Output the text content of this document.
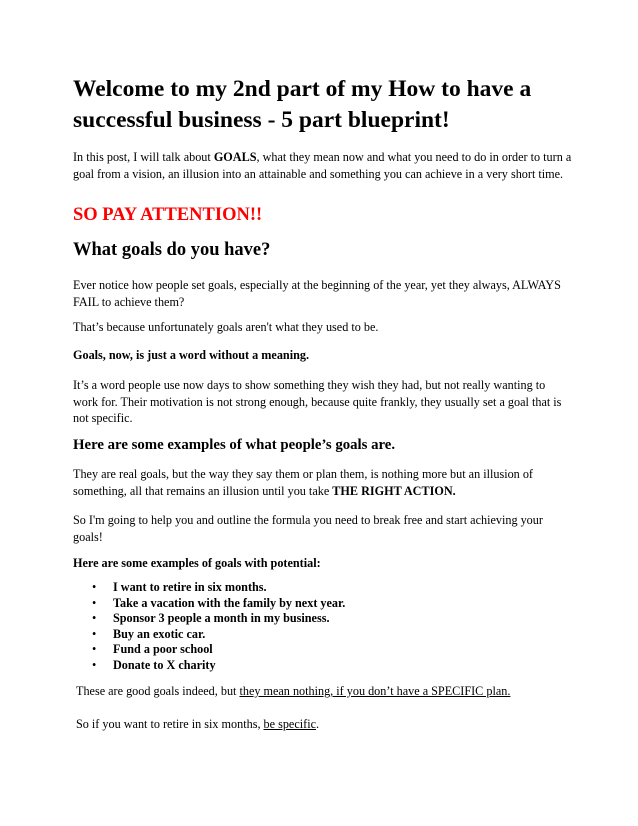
Welcome to my 2nd part of my How to have a successful business - 5 part blueprint!

In this post, I will talk about GOALS, what they mean now and what you need to do in order to turn a goal from a vision, an illusion into an attainable and something you can achieve in a very short time.

SO PAY ATTENTION!!
What goals do you have?

Ever notice how people set goals, especially at the beginning of the year, yet they always, ALWAYS FAIL to achieve them?

That’s because unfortunately goals aren't what they used to be.

Goals, now, is just a word without a meaning.

It’s a word people use now days to show something they wish they had, but not really wanting to work for. Their motivation is not strong enough, because quite frankly, they usually set a goal that is not specific.

Here are some examples of what people’s goals are.

They are real goals, but the way they say them or plan them, is nothing more but an illusion of something, all that remains an illusion until you take THE RIGHT ACTION.

So I'm going to help you and outline the formula you need to break free and start achieving your goals!

Here are some examples of goals with potential:

• I want to retire in six months.
• Take a vacation with the family by next year.
• Sponsor 3 people a month in my business.
• Buy an exotic car.
• Fund a poor school
• Donate to X charity

These are good goals indeed, but they mean nothing, if you don’t have a SPECIFIC plan.

So if you want to retire in six months, be specific.
